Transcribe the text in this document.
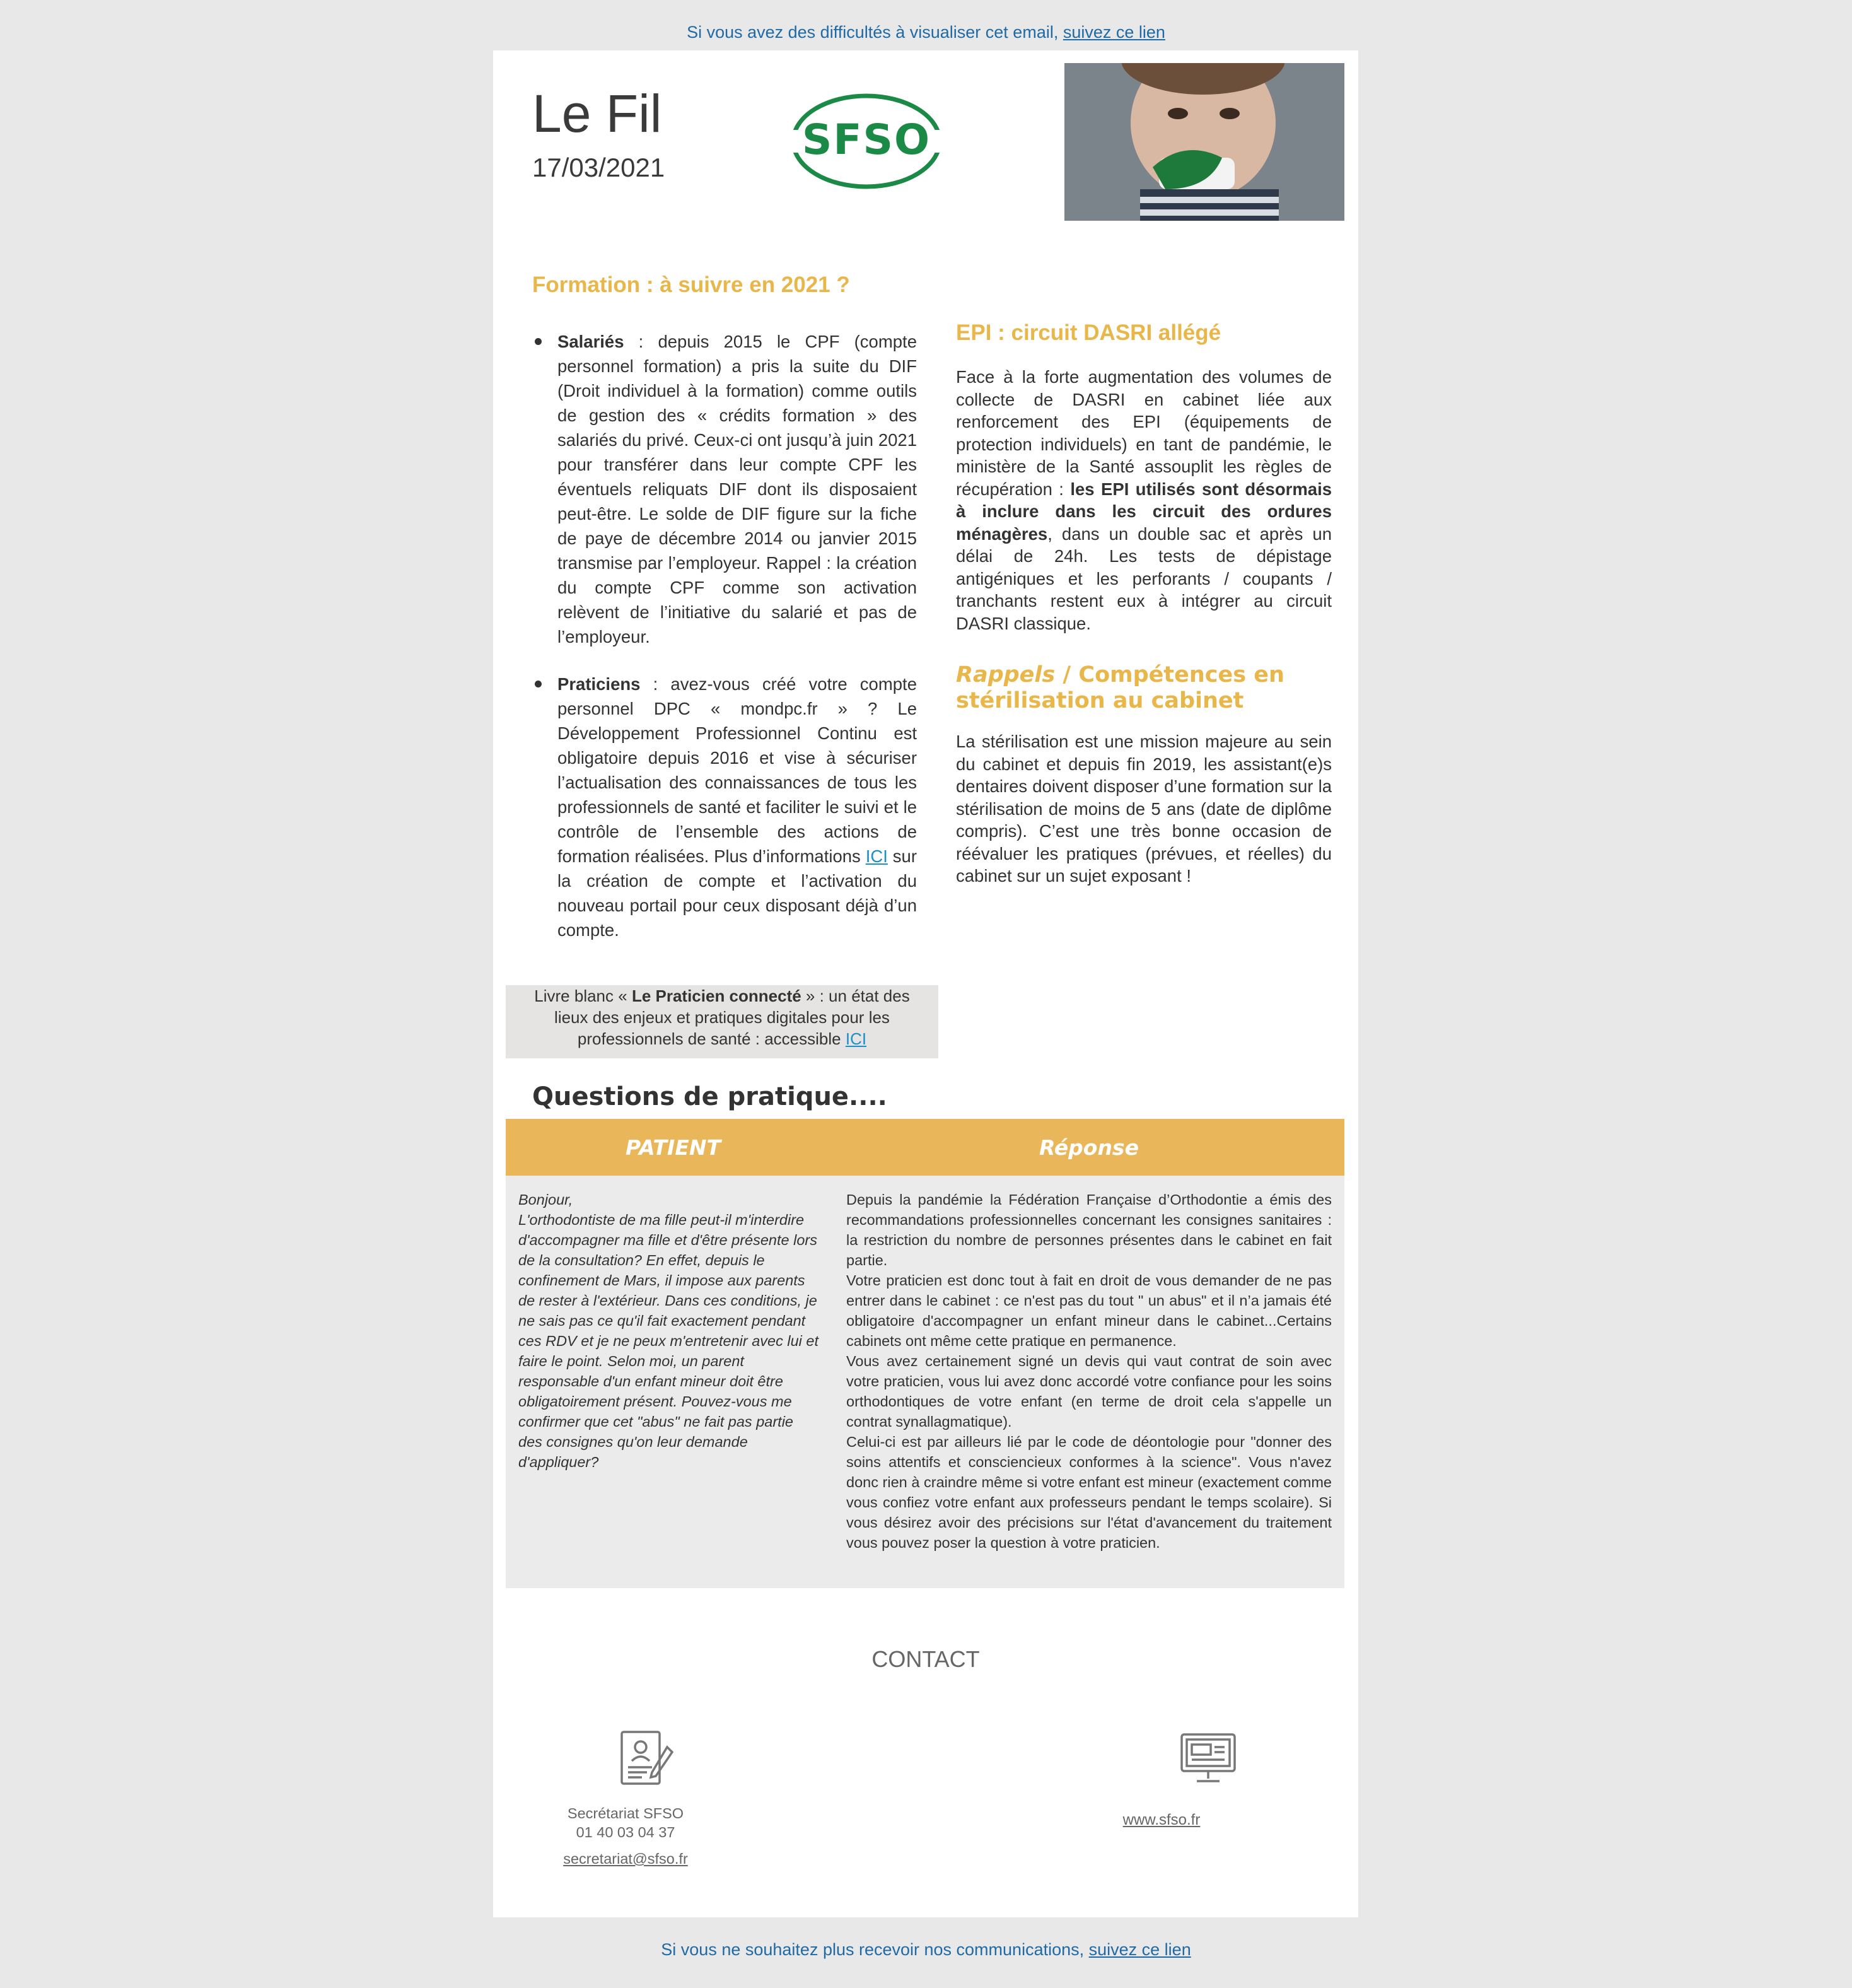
Si vous avez des difficultés à visualiser cet email, suivez ce lien
Le Fil
17/03/2021
SFSO
Formation : à suivre en 2021 ?
Salariés : depuis 2015 le CPF (compte personnel formation) a pris la suite du DIF (Droit individuel à la formation) comme outils de gestion des « crédits formation » des salariés du privé. Ceux-ci ont jusqu’à juin 2021 pour transférer dans leur compte CPF les éventuels reliquats DIF dont ils disposaient peut-être. Le solde de DIF figure sur la fiche de paye de décembre 2014 ou janvier 2015 transmise par l’employeur. Rappel : la création du compte CPF comme son activation relèvent de l’initiative du salarié et pas de l’employeur.
Praticiens : avez-vous créé votre compte personnel DPC « mondpc.fr » ? Le Développement Professionnel Continu est obligatoire depuis 2016 et vise à sécuriser l’actualisation des connaissances de tous les professionnels de santé et faciliter le suivi et le contrôle de l’ensemble des actions de formation réalisées. Plus d’informations ICI sur la création de compte et l’activation du nouveau portail pour ceux disposant déjà d’un compte.
Livre blanc « Le Praticien connecté » : un état des lieux des enjeux et pratiques digitales pour les professionnels de santé : accessible ICI
EPI : circuit DASRI allégé
Face à la forte augmentation des volumes de collecte de DASRI en cabinet liée aux renforcement des EPI (équipements de protection individuels) en tant de pandémie, le ministère de la Santé assouplit les règles de récupération : les EPI utilisés sont désormais à inclure dans les circuit des ordures ménagères, dans un double sac et après un délai de 24h. Les tests de dépistage antigéniques et les perforants / coupants / tranchants restent eux à intégrer au circuit DASRI classique.
Rappels / Compétences en stérilisation au cabinet
La stérilisation est une mission majeure au sein du cabinet et depuis fin 2019, les assistant(e)s dentaires doivent disposer d’une formation sur la stérilisation de moins de 5 ans (date de diplôme compris). C’est une très bonne occasion de réévaluer les pratiques (prévues, et réelles) du cabinet sur un sujet exposant !
Questions de pratique....
PATIENT	Réponse
Bonjour,
L'orthodontiste de ma fille peut-il m'interdire d'accompagner ma fille et d'être présente lors de la consultation? En effet, depuis le confinement de Mars, il impose aux parents de rester à l'extérieur. Dans ces conditions, je ne sais pas ce qu'il fait exactement pendant ces RDV et je ne peux m'entretenir avec lui et faire le point. Selon moi, un parent responsable d'un enfant mineur doit être obligatoirement présent. Pouvez-vous me confirmer que cet "abus" ne fait pas partie des consignes qu'on leur demande d'appliquer?
Depuis la pandémie la Fédération Française d’Orthodontie a émis des recommandations professionnelles concernant les consignes sanitaires : la restriction du nombre de personnes présentes dans le cabinet en fait partie.
Votre praticien est donc tout à fait en droit de vous demander de ne pas entrer dans le cabinet : ce n'est pas du tout " un abus" et il n’a jamais été obligatoire d'accompagner un enfant mineur dans le cabinet...Certains cabinets ont même cette pratique en permanence.
Vous avez certainement signé un devis qui vaut contrat de soin avec votre praticien, vous lui avez donc accordé votre confiance pour les soins orthodontiques de votre enfant (en terme de droit cela s'appelle un contrat synallagmatique).
Celui-ci est par ailleurs lié par le code de déontologie pour "donner des soins attentifs et consciencieux conformes à la science". Vous n'avez donc rien à craindre même si votre enfant est mineur (exactement comme vous confiez votre enfant aux professeurs pendant le temps scolaire). Si vous désirez avoir des précisions sur l'état d'avancement du traitement vous pouvez poser la question à votre praticien.
CONTACT
Secrétariat SFSO
01 40 03 04 37
secretariat@sfso.fr
www.sfso.fr
Si vous ne souhaitez plus recevoir nos communications, suivez ce lien
